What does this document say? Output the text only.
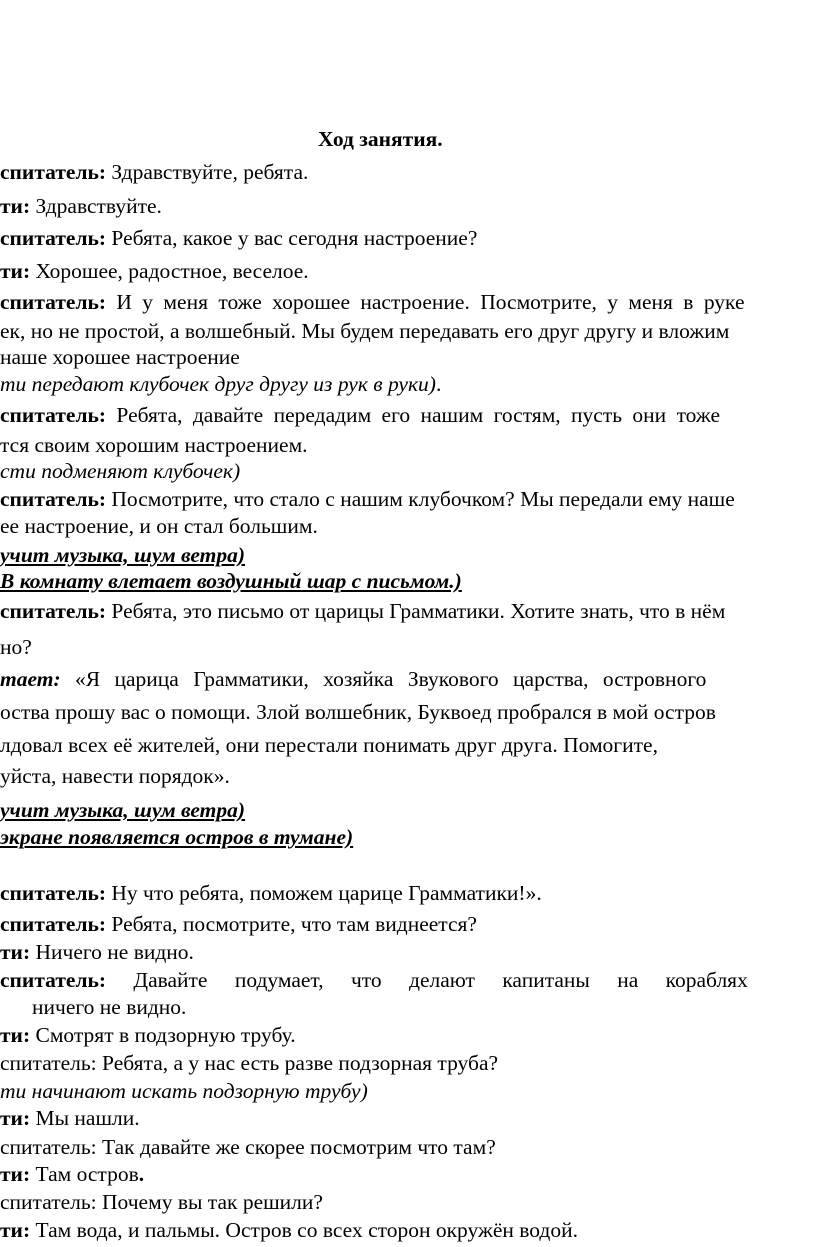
Ход занятия.
спитатель: Здравствуйте, ребята.
ти: Здравствуйте.
спитатель: Ребята, какое у вас сегодня настроение?
ти: Хорошее, радостное, веселое.
спитатель: И у меня тоже хорошее настроение. Посмотрите, у меня в руке
ек, но не простой, а волшебный. Мы будем передавать его друг другу и вложим
наше хорошее настроение
ти передают клубочек друг другу из рук в руки).
спитатель: Ребята, давайте передадим его нашим гостям, пусть они тоже
тся своим хорошим настроением.
сти подменяют клубочек)
спитатель: Посмотрите, что стало с нашим клубочком? Мы передали ему наше
ее настроение, и он стал большим.
учит музыка, шум ветра)
В комнату влетает воздушный шар с письмом.)
спитатель: Ребята, это письмо от царицы Грамматики. Хотите знать, что в нём
но?
тает: «Я царица Грамматики, хозяйка Звукового царства, островного
оства прошу вас о помощи. Злой волшебник, Буквоед пробрался в мой остров
лдовал всех её жителей, они перестали понимать друг друга. Помогите,
уйста, навести порядок».
учит музыка, шум ветра)
экране появляется остров в тумане)
спитатель: Ну что ребята, поможем царице Грамматики!».
спитатель: Ребята, посмотрите, что там виднеется?
ти: Ничего не видно.
спитатель: Давайте подумает, что делают капитаны на кораблях
ничего не видно.
ти: Смотрят в подзорную трубу.
спитатель: Ребята, а у нас есть разве подзорная труба?
ти начинают искать подзорную трубу)
ти: Мы нашли.
спитатель: Так давайте же скорее посмотрим что там?
ти: Там остров.
спитатель: Почему вы так решили?
ти: Там вода, и пальмы. Остров со всех сторон окружён водой.
